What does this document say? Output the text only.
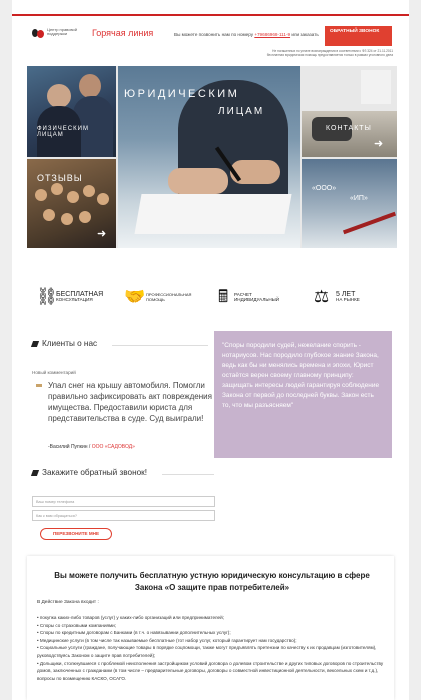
Центр правовой поддержки	Горячая линия	Вы можете позвонить нам по номеру +79686968-111-9 или заказать
ОБРАТНЫЙ ЗВОНОК
Не погашенных по уплате вознаграждения в соответствии с ФЗ 324 от 21.11.2011
бесплатная юридическая помощь предоставляется только в рамках уголовного дела
ФИЗИЧЕСКИМ ЛИЦАМ
ОТЗЫВЫ
➜
ЮРИДИЧЕСКИМ
ЛИЦАМ
КОНТАКТЫ
➜
«ООО»
«ИП»
⛓
БЕСПЛАТНАЯ
КОНСУЛЬТАЦИЯ	🤝 ПРОФЕССИОНАЛЬНАЯ
ПОМОЩЬ	🖩 РАСЧЕТ
ИНДИВИДУАЛЬНЫЙ ⚖ 5 ЛЕТ
НА РЫНКЕ
Клиенты о нас
Новый комментарий
Упал снег на крышу автомобиля. Помогли правильно зафиксировать акт повреждения имущества. Предоставили юриста для представительства в суде. Суд выиграли!
-Василий Пупкин / ООО «САДОВОД»
"Споры породили судей, нежелание спорить - нотариусов. Нас породило глубокое знание Закона, ведь как бы ни менялись времена и эпохи, Юрист остаётся верен своему главному принципу: защищать интересы людей гарантируя соблюдение Закона от первой до последней буквы. Закон есть то, что мы разъясняем"
Закажите обратный звонок!
Ваш номер телефона
Как к вам обращаться?
ПЕРЕЗВОНИТЕ МНЕ
Вы можете получить бесплатную устную юридическую консультацию в сфере Закона «О защите прав потребителей»
В Действие Закона входит :
• покупка каких-либо товаров (услуг) у каких-либо организаций или предпринимателей;
• Споры со страховыми компаниями;
• Споры по кредитным договорам с Банками (в т.ч. о навязывании дополнительных услуг);
• Медицинские услуги (в том числе так называемые бесплатные (тот набор услуг, который гарантирует нам государство);
• Социальные услуги (граждане, получающие товары в порядке соцпомощи, также могут предъявлять претензии по качеству к их продавцам (изготовителям), руководствуясь Законом о защите прав потребителей);
• Дольщики, столкнувшиеся с проблемой неисполнения застройщиком условий договора о долевом строительстве и других типовых договоров по строительству домов, заключенных с гражданами (в том числе – предварительные договоры, договоры о совместной инвестиционной деятельности, вексельных схем и т.д.), вопросы по возмещению КАСКО, ОСАГО.
